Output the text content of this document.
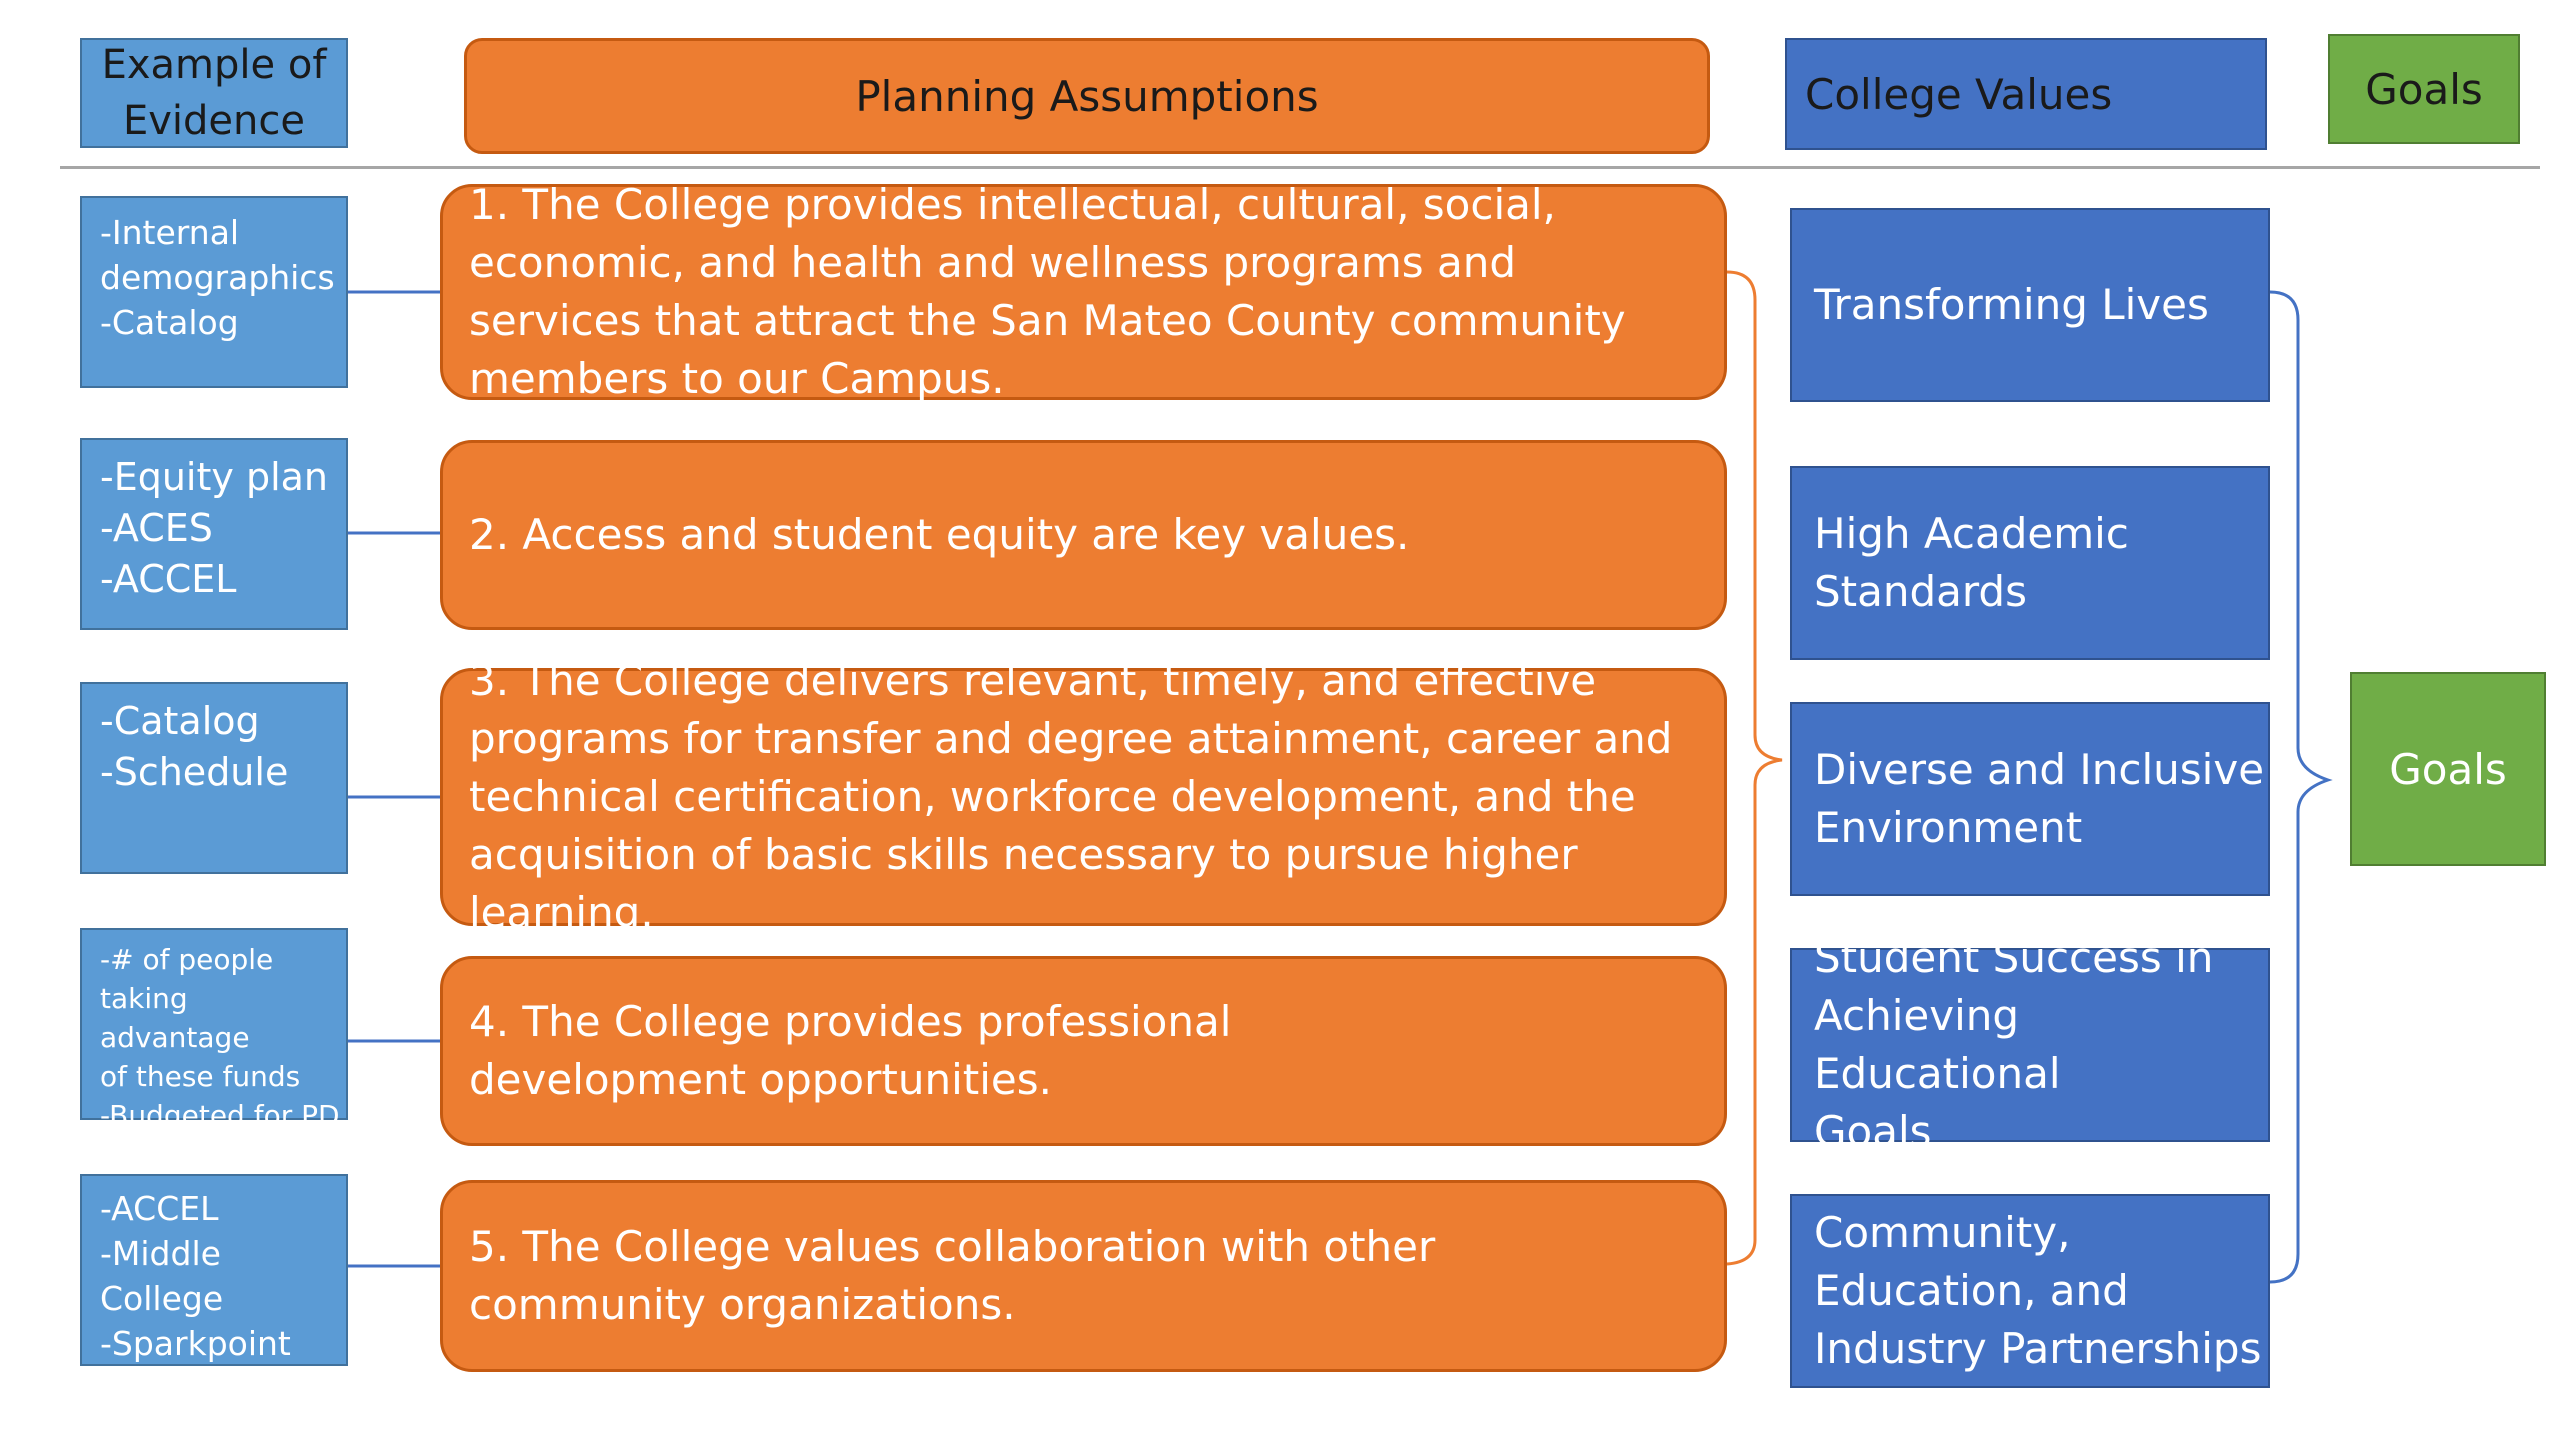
Example of
Evidence
Planning Assumptions	College Values	Goals
-Internal
demographics
-Catalog
-Equity plan
-ACES
-ACCEL
-Catalog
-Schedule
-# of people
taking advantage
of these funds
-Budgeted for PD
-ACCEL
-Middle
College
-Sparkpoint
1. The College provides intellectual, cultural, social, economic, and health and wellness programs and services that attract the San Mateo County community members to our Campus.
2. Access and student equity are key values.
3. The College delivers relevant, timely, and effective programs for transfer and degree attainment, career and technical certification, workforce development, and the acquisition of basic skills necessary to pursue higher learning.
4. The College provides professional development opportunities.
5. The College values collaboration with other community organizations.
Transforming Lives
High Academic
Standards
Diverse and Inclusive
Environment
Student Success in
Achieving Educational
Goals
Community,
Education, and
Industry Partnerships
Goals
